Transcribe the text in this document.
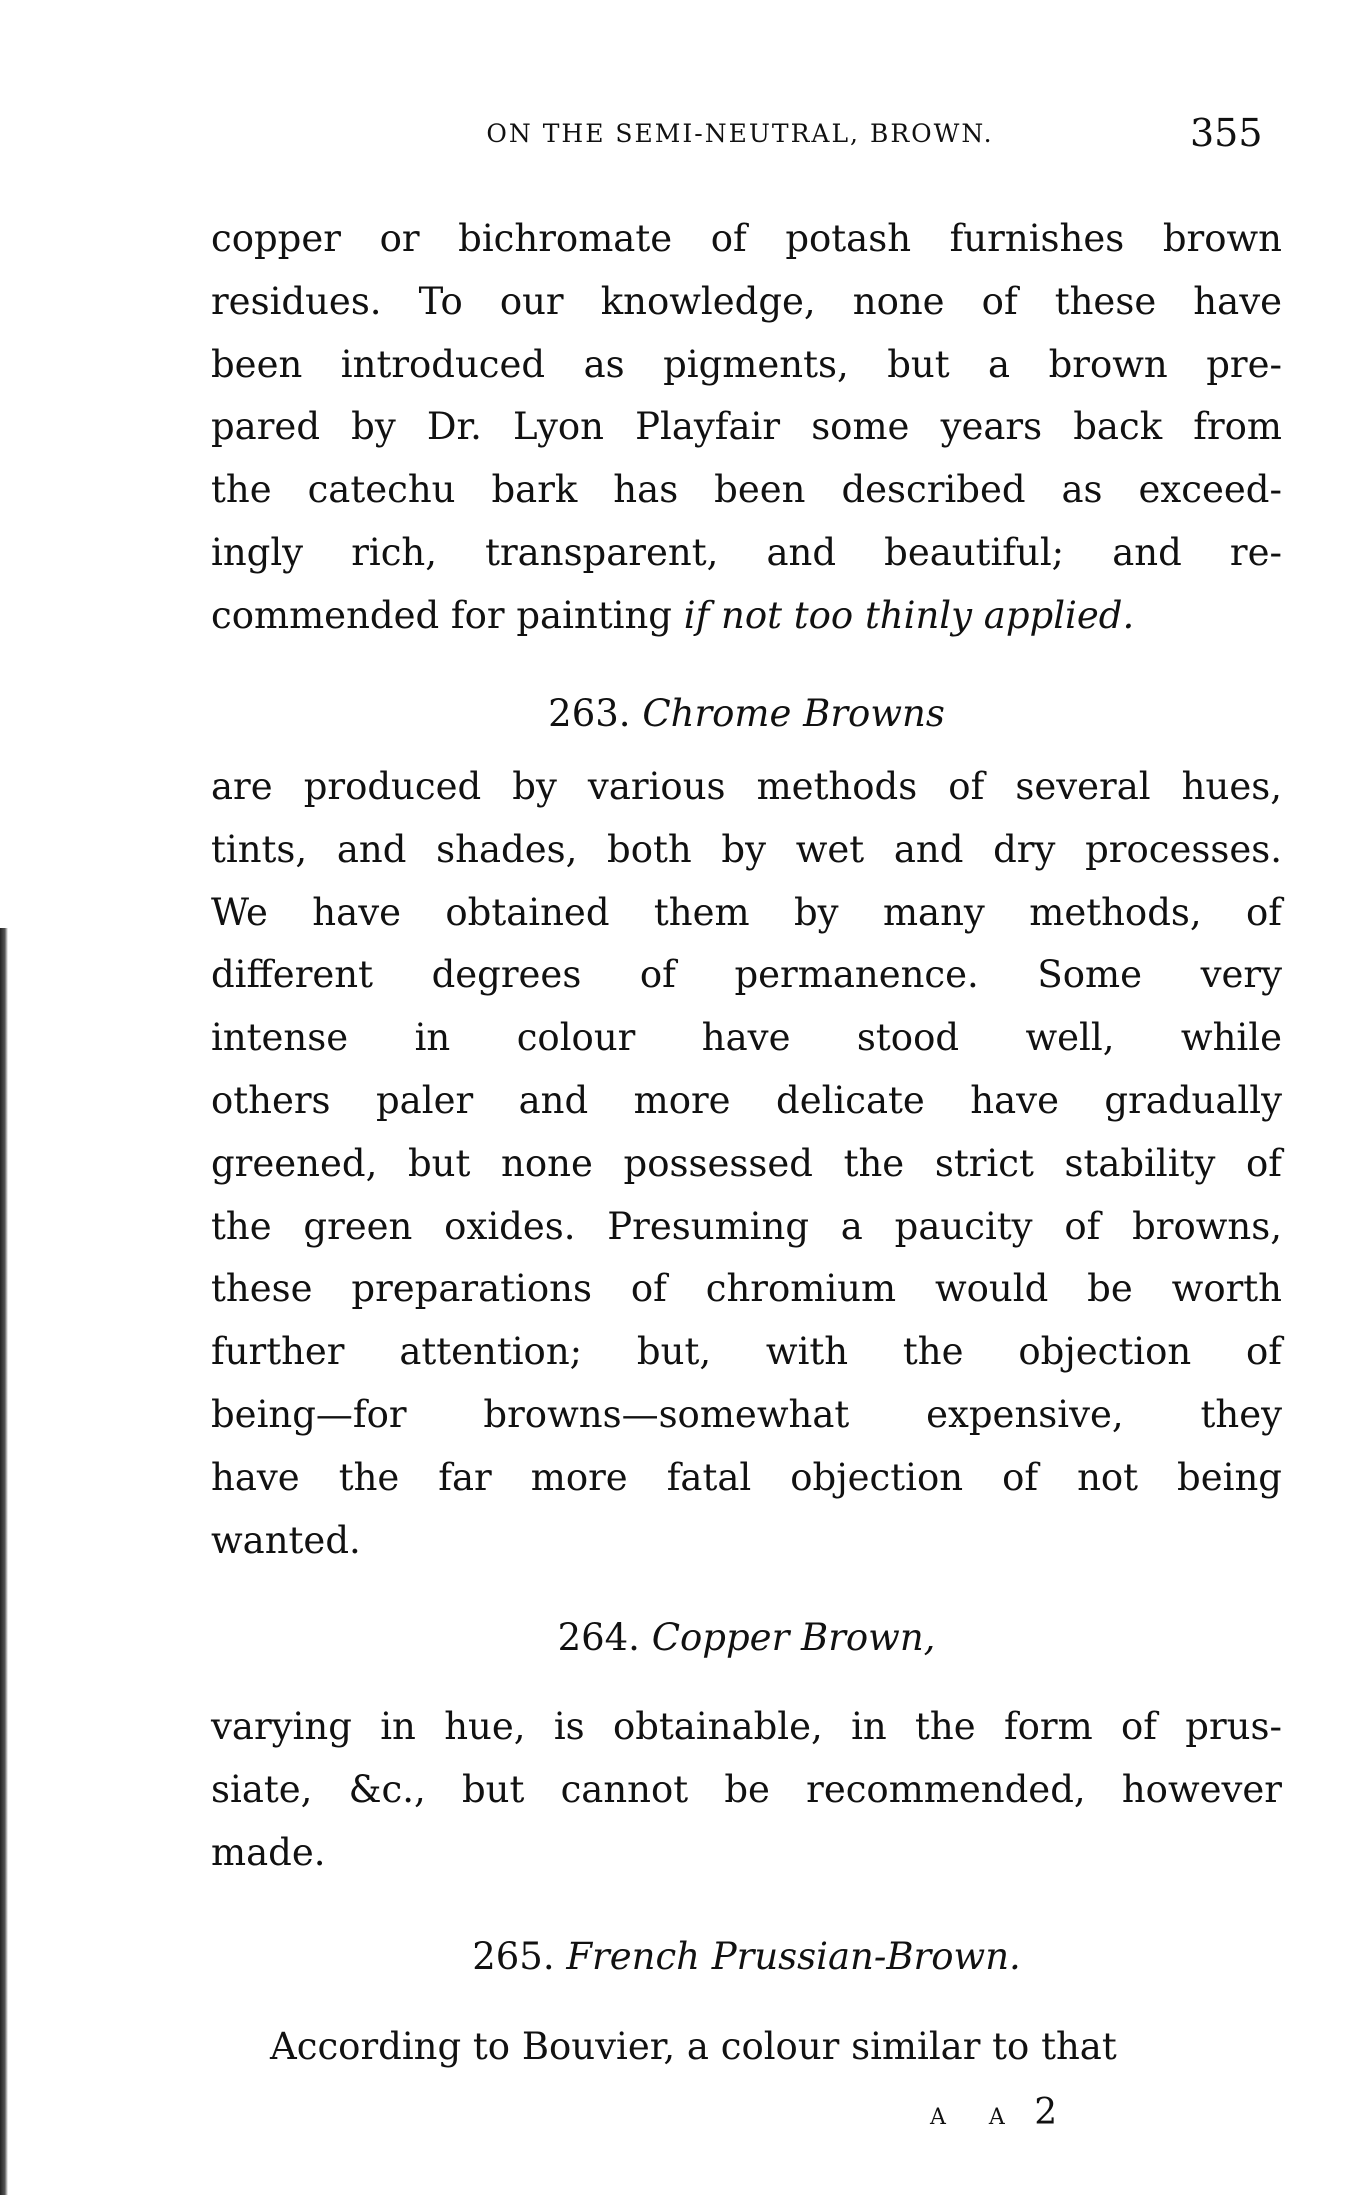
ON THE SEMI-NEUTRAL, BROWN.	355
copper or bichromate of potash furnishes brown
residues. To our knowledge, none of these have
been introduced as pigments, but a brown pre-
pared by Dr. Lyon Playfair some years back from
the catechu bark has been described as exceed-
ingly rich, transparent, and beautiful; and re-
commended for painting if not too thinly applied.
263. Chrome Browns
are produced by various methods of several hues,
tints, and shades, both by wet and dry processes.
We have obtained them by many methods, of
different degrees of permanence. Some very
intense in colour have stood well, while
others paler and more delicate have gradually
greened, but none possessed the strict stability of
the green oxides. Presuming a paucity of browns,
these preparations of chromium would be worth
further attention; but, with the objection of
being—for browns—somewhat expensive, they
have the far more fatal objection of not being
wanted.
264. Copper Brown,
varying in hue, is obtainable, in the form of prus-
siate, &c., but cannot be recommended, however
made.
265. French Prussian-Brown.
According to Bouvier, a colour similar to that
A A 2
